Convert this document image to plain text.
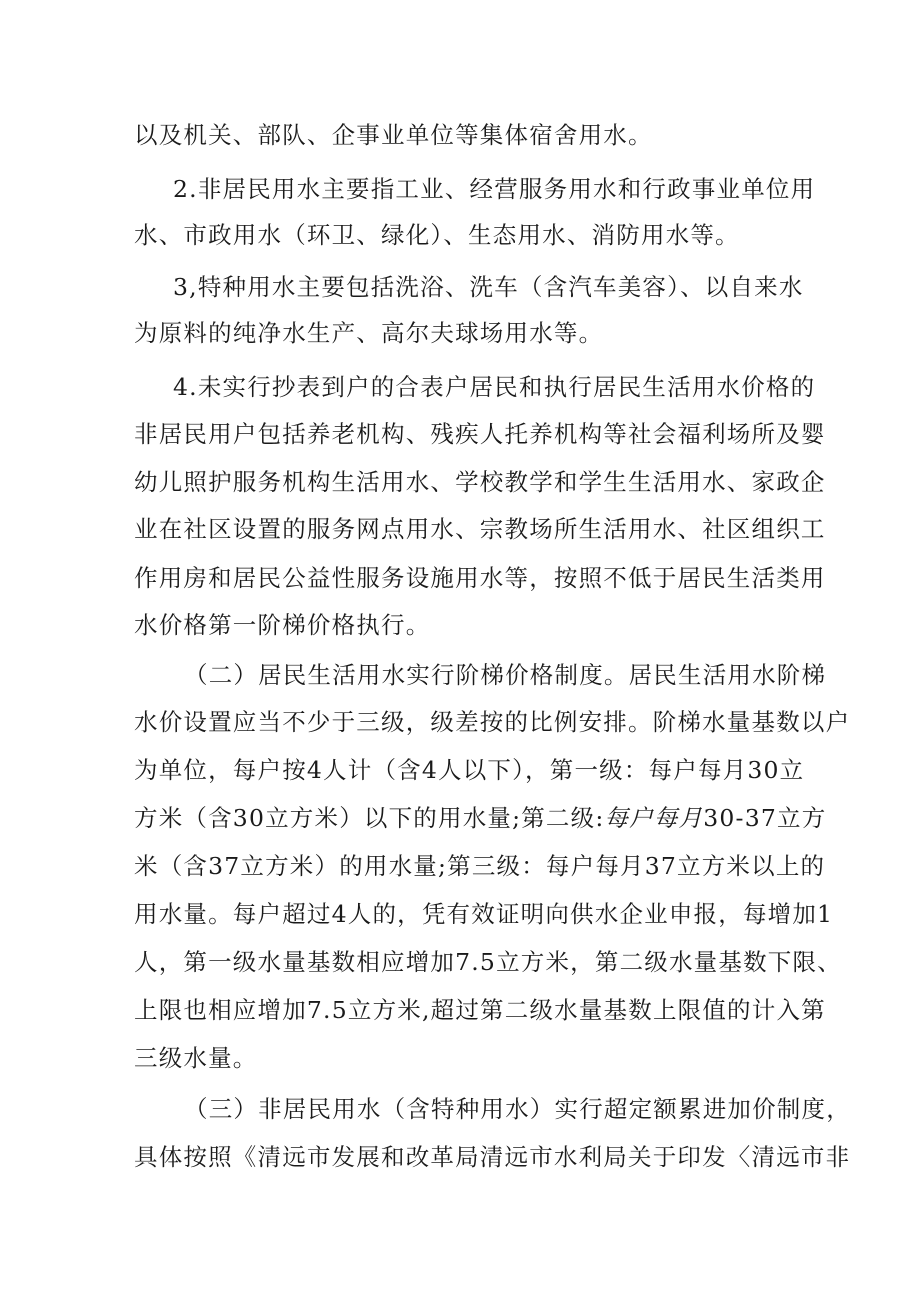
以及机关、部队、企事业单位等集体宿舍用水。
2.非居民用水主要指工业、经营服务用水和行政事业单位用
水、市政用水（环卫、绿化）、生态用水、消防用水等。
3,特种用水主要包括洗浴、洗车（含汽车美容）、以自来水
为原料的纯净水生产、高尔夫球场用水等。
4.未实行抄表到户的合表户居民和执行居民生活用水价格的
非居民用户包括养老机构、残疾人托养机构等社会福利场所及婴
幼儿照护服务机构生活用水、学校教学和学生生活用水、家政企
业在社区设置的服务网点用水、宗教场所生活用水、社区组织工
作用房和居民公益性服务设施用水等，按照不低于居民生活类用
水价格第一阶梯价格执行。
（二）居民生活用水实行阶梯价格制度。居民生活用水阶梯
水价设置应当不少于三级，级差按的比例安排。阶梯水量基数以户
为单位，每户按4人计（含4人以下），第一级：每户每月30立
方米（含30立方米）以下的用水量;第二级:每户每月30-37立方
米（含37立方米）的用水量;第三级：每户每月37立方米以上的
用水量。每户超过4人的，凭有效证明向供水企业申报，每增加1
人，第一级水量基数相应增加7.5立方米，第二级水量基数下限、
上限也相应增加7.5立方米,超过第二级水量基数上限值的计入第
三级水量。
（三）非居民用水（含特种用水）实行超定额累进加价制度，
具体按照《清远市发展和改革局清远市水利局关于印发〈清远市非
